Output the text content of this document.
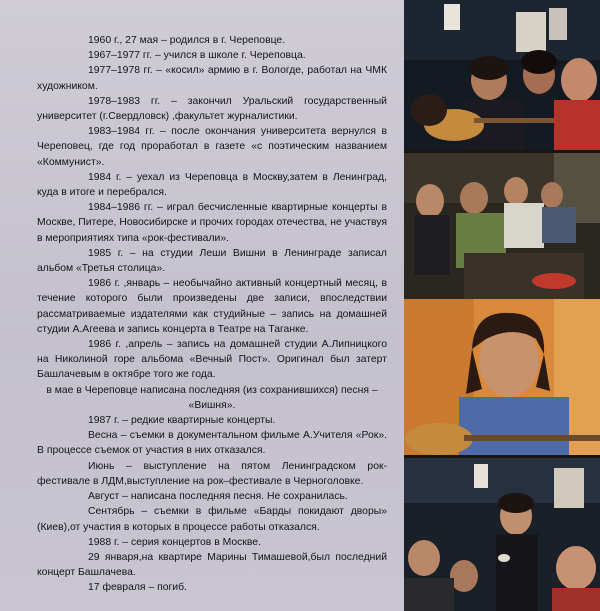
1960 г., 27 мая – родился в г. Череповце.

1967–1977 гг. – учился в школе г. Череповца.

1977–1978 гг. – «косил» армию в г. Вологде, работал на ЧМК художником.

1978–1983 гг. – закончил Уральский государственный университет (г.Свердловск) ,факультет журналистики.

1983–1984 гг. – после окончания университета вернулся в Череповец, где год проработал в газете «с поэтическим названием «Коммунист».

1984 г. – уехал из Череповца в Москву,затем в Ленинград, куда в итоге и перебрался.

1984–1986 гг. – играл бесчисленные квартирные концерты в Москве, Питере, Новосибирске и прочих городах отечества, не участвуя в мероприятиях типа «рок-фестивали».

1985 г. – на студии Леши Вишни в Ленинграде записал альбом «Третья столица».

1986 г. ,январь – необычайно активный концертный месяц, в течение которого были произведены две записи, впоследствии рассматриваемые издателями как студийные – запись на домашней студии А.Агеева и запись концерта в Театре на Таганке.

1986 г. ,апрель – запись на домашней студии А.Липницкого на Николиной горе альбома «Вечный Пост». Оригинал был затерт Башлачевым в октябре того же года.

в мае в Череповце написана последняя (из сохранившихся) песня – «Вишня».

1987 г. – редкие квартирные концерты.

Весна – съемки в документальном фильме А.Учителя «Рок». В процессе съемок от участия в них отказался.

Июнь – выступление на пятом Ленинградском рок-фестивале в ЛДМ,выступление на рок–фестивале в Черноголовке.

Август – написана последняя песня. Не сохранилась.

Сентябрь – съемки в фильме «Барды покидают дворы» (Киев),от участия в которых в процессе работы отказался.

1988 г. – серия концертов в Москве.

29 января,на квартире Марины Тимашевой,был последний концерт Башлачева.

17 февраля – погиб.
